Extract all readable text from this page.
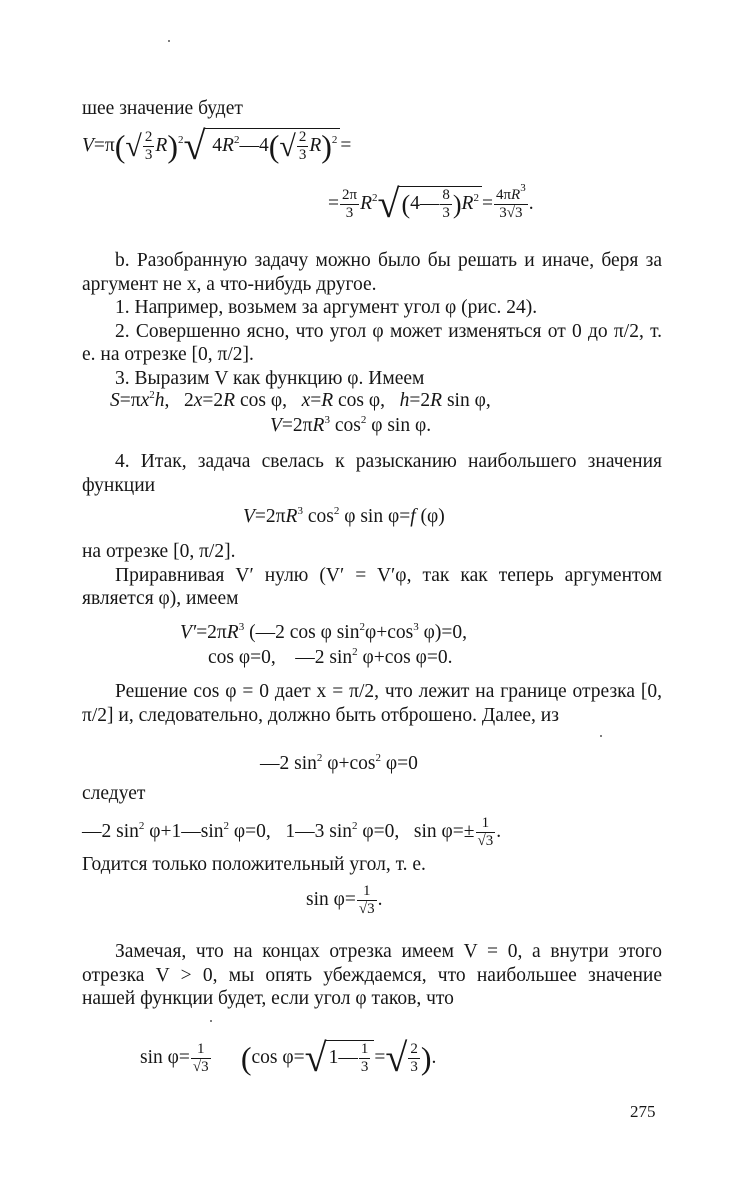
шее значение будет

$V=\pi(√ \frac{2}{3} R)^2√$ $4R^2—4(√ \frac{2}{3} R)^2$ =
= $\frac{2\pi}{3}$ $R^2√(4— \frac{8}{3} )R^2 = \frac{4\pi R^3}{3√3}$ .

b. Разобранную задачу можно было бы решать и иначе, беря за аргумент не x, а что-нибудь другое.

1. Например, возьмем за аргумент угол φ (рис. 24).

2. Совершенно ясно, что угол φ может изменяться от 0 до π/2, т. е. на отрезке [0, π/2].

3. Выразим V как функцию φ. Имеем

$S=\pi x^2h$,   2x=2R cos φ,   x=R cos φ,   h=2R sin φ,
$V=2\pi R^3$ $\cos^2 \varphi$ sin φ.

4. Итак, задача свелась к разысканию наибольшего значения функции

$V=2\pi R^3$ $\cos^2 \varphi$ sin φ=f (φ)

на отрезке [0, π/2].

Приравнивая V′ нулю (V′ = V′φ, так как теперь аргументом является φ), имеем

$V'=2\pi R^3$ (—2 cos φ $\sin^2\varphi+\cos^3$ φ)=0,
cos φ=0,    —2 $\sin^2 \varphi+\cos$ φ=0.

Решение cos φ = 0 дает x = π/2, что лежит на границе отрезка [0, π/2] и, следовательно, должно быть отброшено. Далее, из

—2 $\sin^2 \varphi+\cos^2$ φ=0

следует

—2 $\sin^2$ $\varphi+1—\sin^2$ φ=0,   1—3 $\sin^2 \varphi=0$,   $\sin \varphi=\pm \frac{1}{√3}$ .

Годится только положительный угол, т. е.

$\sin \varphi= \frac{1}{√3}$ .

Замечая, что на концах отрезка имеем V = 0, а внутри этого отрезка V > 0, мы опять убеждаемся, что наибольшее значение нашей функции будет, если угол φ таков, что

$\sin \varphi= \frac{1}{√3} (\cos$ φ=√ 1— $\frac{1}{3}$ =√ $\frac{2}{3}$ ).
275
